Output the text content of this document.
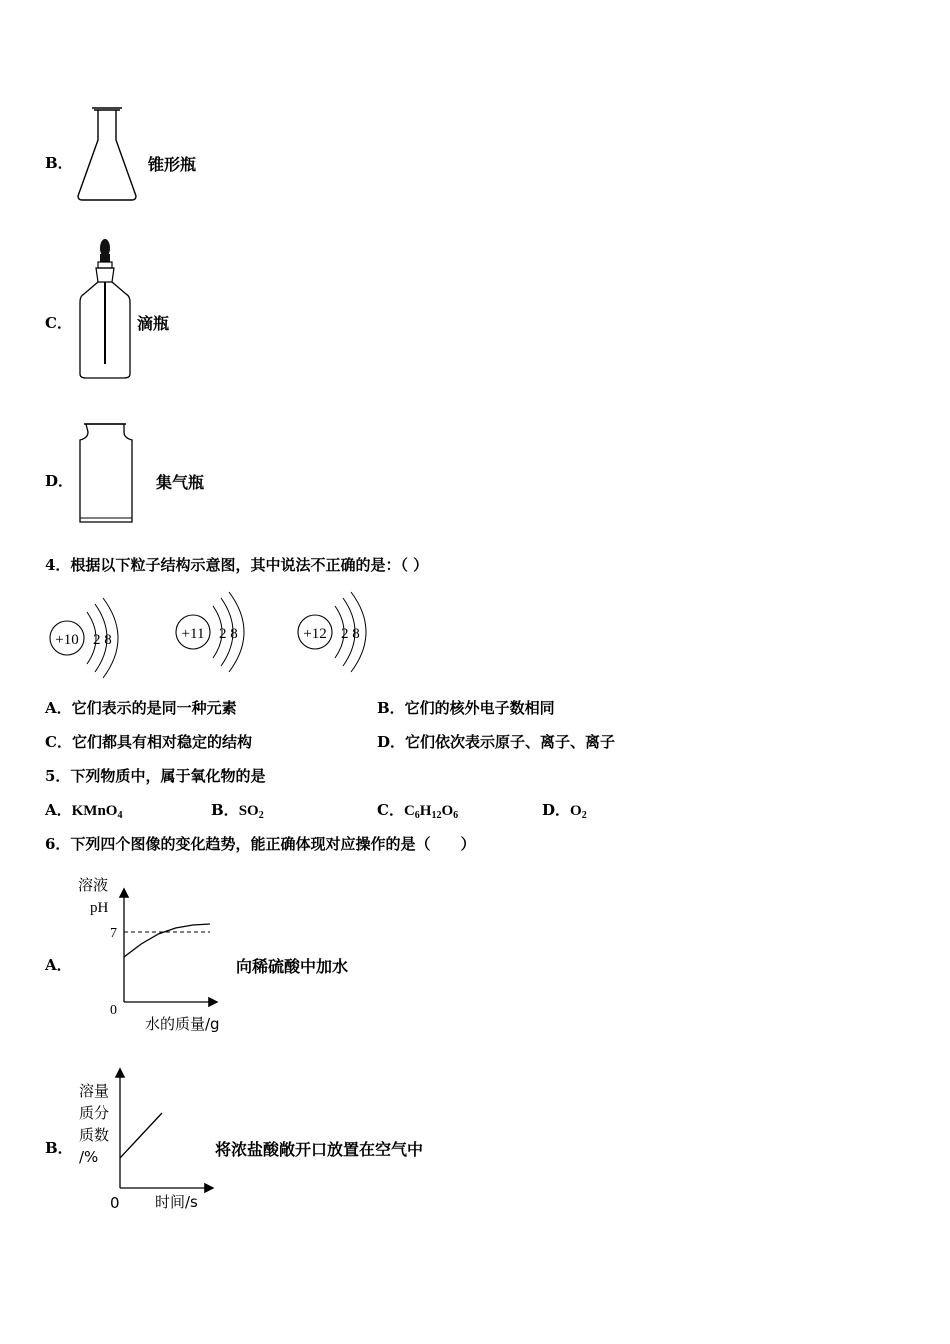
B．	锥形瓶
C．	滴瓶
D．	集气瓶
4．根据以下粒子结构示意图，其中说法不正确的是：（ ）
+10 2 8	+11 2 8	+12 2 8
A．它们表示的是同一种元素	B．它们的核外电子数相同
C．它们都具有相对稳定的结构	D．它们依次表示原子、离子、离子
5．下列物质中，属于氧化物的是
A．KMnO$_4$	B．$SO_2$	C．$C_6H_{12}O_6$	D．$O_2$
6．下列四个图像的变化趋势，能正确体现对应操作的是（　　）
A．
溶液
pH
7
0
水的质量/g
向稀硫酸中加水
B．
溶量
质分
质数
/%
0 时间/s
将浓盐酸敞开口放置在空气中
